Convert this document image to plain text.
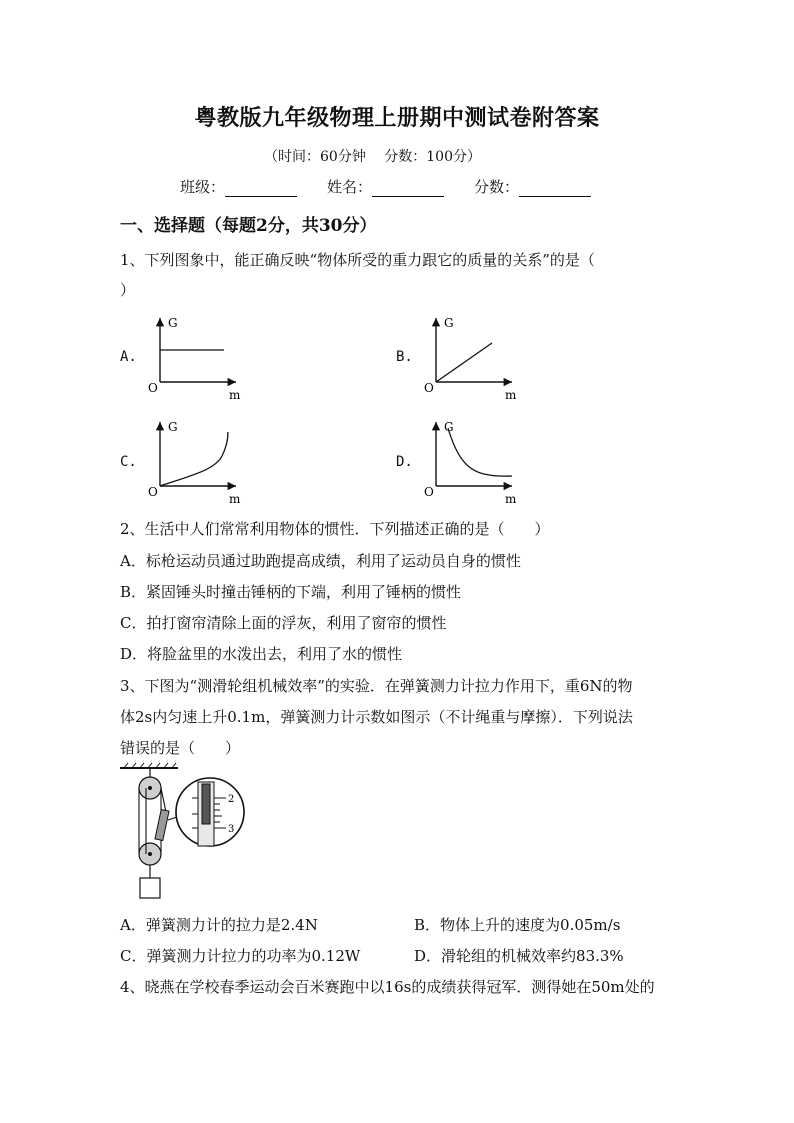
粤教版九年级物理上册期中测试卷附答案
（时间：60分钟　 分数：100分）
班级：	姓名：	分数：
一、选择题（每题2分，共30分）
1、下列图象中，能正确反映“物体所受的重力跟它的质量的关系”的是（
）
A.	B.
C.	D.
G
m
O
G
m
O
G
m
O
G
m
O
2、生活中人们常常利用物体的惯性．下列描述正确的是（　　）
A．标枪运动员通过助跑提高成绩，利用了运动员自身的惯性
B．紧固锤头时撞击锤柄的下端，利用了锤柄的惯性
C．拍打窗帘清除上面的浮灰，利用了窗帘的惯性
D．将脸盆里的水泼出去，利用了水的惯性
3、下图为“测滑轮组机械效率”的实验．在弹簧测力计拉力作用下，重6N的物
体2s内匀速上升0.1m，弹簧测力计示数如图示（不计绳重与摩擦）．下列说法
错误的是（　　）
2
3
A．弹簧测力计的拉力是2.4N	B．物体上升的速度为0.05m/s
C．弹簧测力计拉力的功率为0.12W	D．滑轮组的机械效率约83.3%
4、晓燕在学校春季运动会百米赛跑中以16s的成绩获得冠军．测得她在50m处的
